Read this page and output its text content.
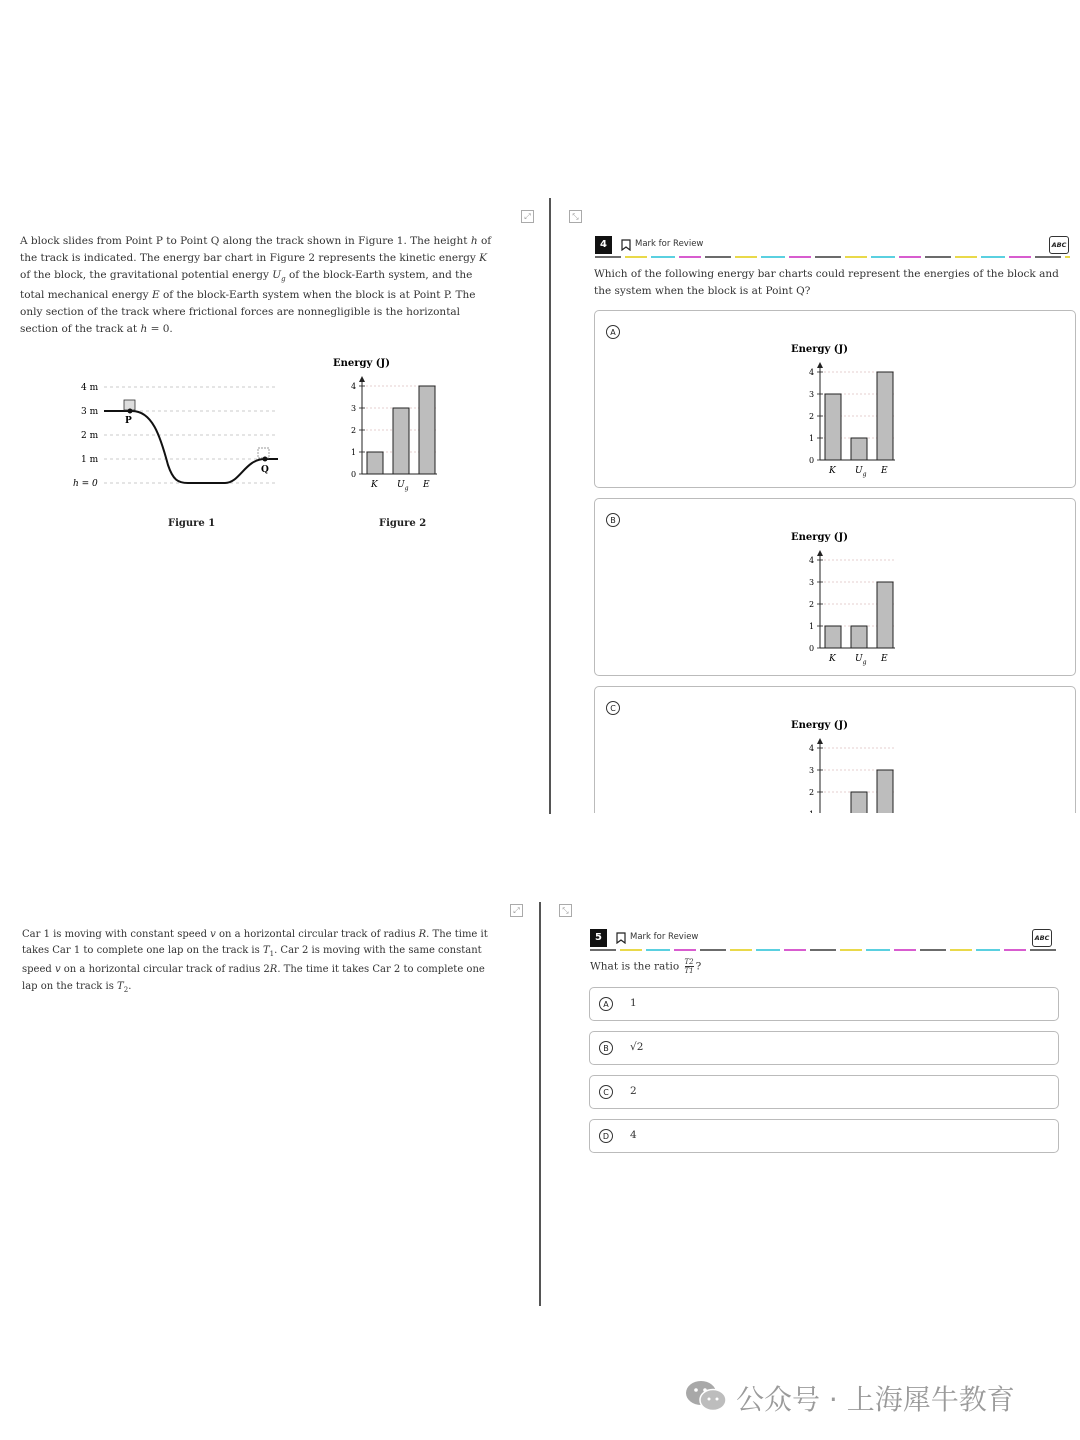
A block slides from Point P to Point Q along the track shown in Figure 1. The height h of the track is indicated. The energy bar chart in Figure 2 represents the kinetic energy K of the block, the gravitational potential energy $U_g$ of the block-Earth system, and the total mechanical energy E of the block-Earth system when the block is at Point P. The only section of the track where frictional forces are nonnegligible is the horizontal section of the track at h = 0.
4 m
3 m
2 m
1 m
h = 0
P
Q
Figure 1
Energy (J)
0
1
2
3
4
K $U_g$ E
Figure 2
⤢	⤡
4	Mark for Review	ABC
Which of the following energy bar charts could represent the energies of the block and the system when the block is at Point Q?
A
Energy (J)
0
1
2
3
4
K $U_g$ E
B
Energy (J)
0
1
2
3
4
K $U_g$ E
C
Energy (J)
1
2
3
4
K $U_g$ E
Car 1 is moving with constant speed v on a horizontal circular track of radius R. The time it takes Car 1 to complete one lap on the track is $T_1$. Car 2 is moving with the same constant speed v on a horizontal circular track of radius 2R. The time it takes Car 2 to complete one lap on the track is $T_2$.
⤢	⤡
5	Mark for Review	ABC
What is the ratio $\frac{T2}{T1}$ ?
A	1
B	√2
C	2
D	4
公众号 · 上海犀牛教育
